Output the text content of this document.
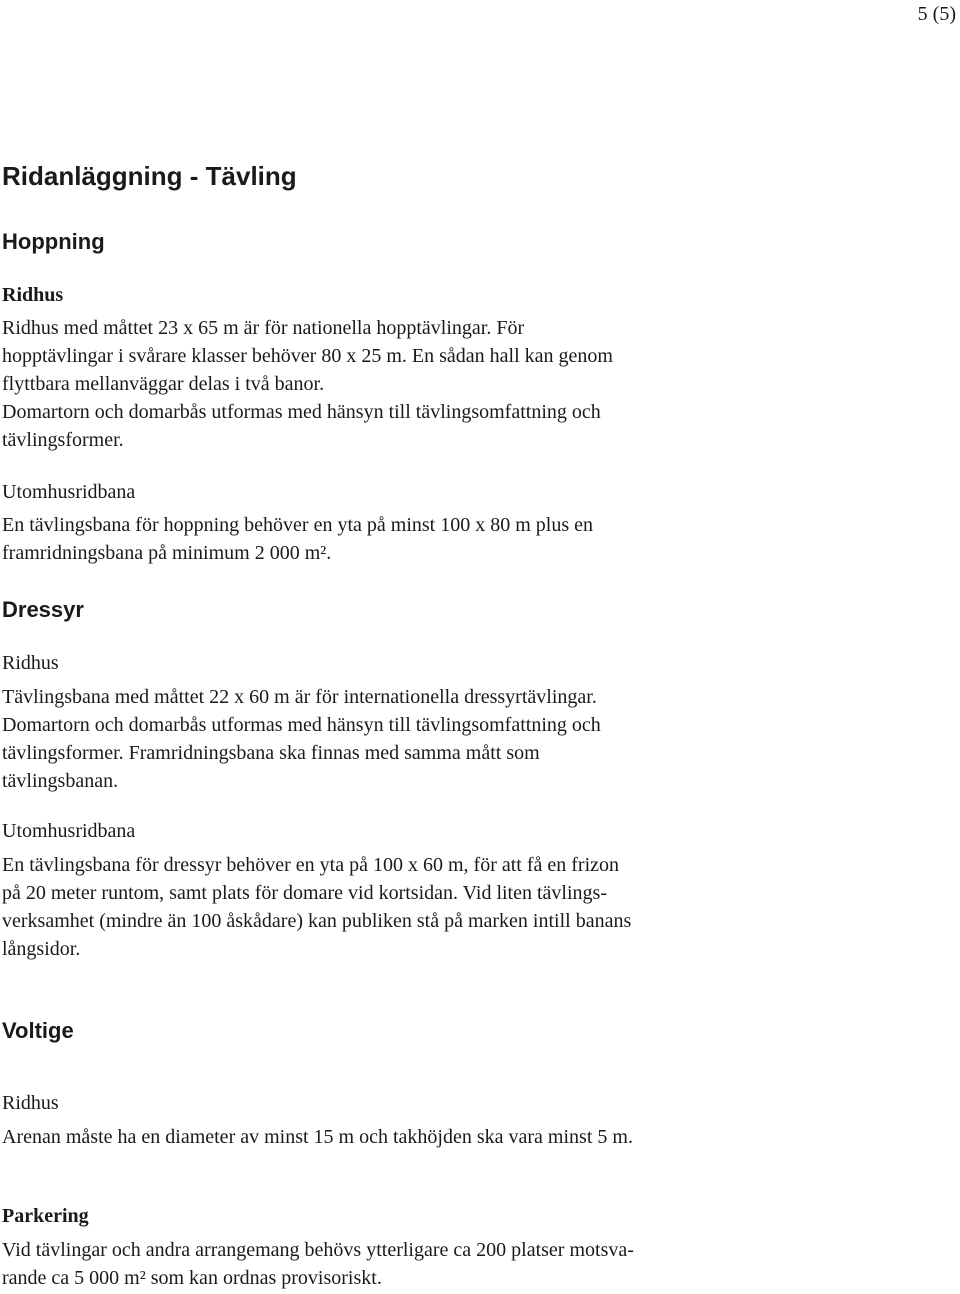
5 (5)
Ridanläggning - Tävling
Hoppning
Ridhus
Ridhus med måttet 23 x 65 m är för nationella hopptävlingar. För
hopptävlingar i svårare klasser behöver 80 x 25 m. En sådan hall kan genom
flyttbara mellanväggar delas i två banor.
Domartorn och domarbås utformas med hänsyn till tävlingsomfattning och
tävlingsformer.
Utomhusridbana
En tävlingsbana för hoppning behöver en yta på minst 100 x 80 m plus en
framridningsbana på minimum 2 000 m².
Dressyr
Ridhus
Tävlingsbana med måttet 22 x 60 m är för internationella dressyrtävlingar.
Domartorn och domarbås utformas med hänsyn till tävlingsomfattning och
tävlingsformer. Framridningsbana ska finnas med samma mått som
tävlingsbanan.
Utomhusridbana
En tävlingsbana för dressyr behöver en yta på 100 x 60 m, för att få en frizon
på 20 meter runtom, samt plats för domare vid kortsidan. Vid liten tävlings-
verksamhet (mindre än 100 åskådare) kan publiken stå på marken intill banans
långsidor.
Voltige
Ridhus
Arenan måste ha en diameter av minst 15 m och takhöjden ska vara minst 5 m.
Parkering
Vid tävlingar och andra arrangemang behövs ytterligare ca 200 platser motsva-
rande ca 5 000 m² som kan ordnas provisoriskt.
